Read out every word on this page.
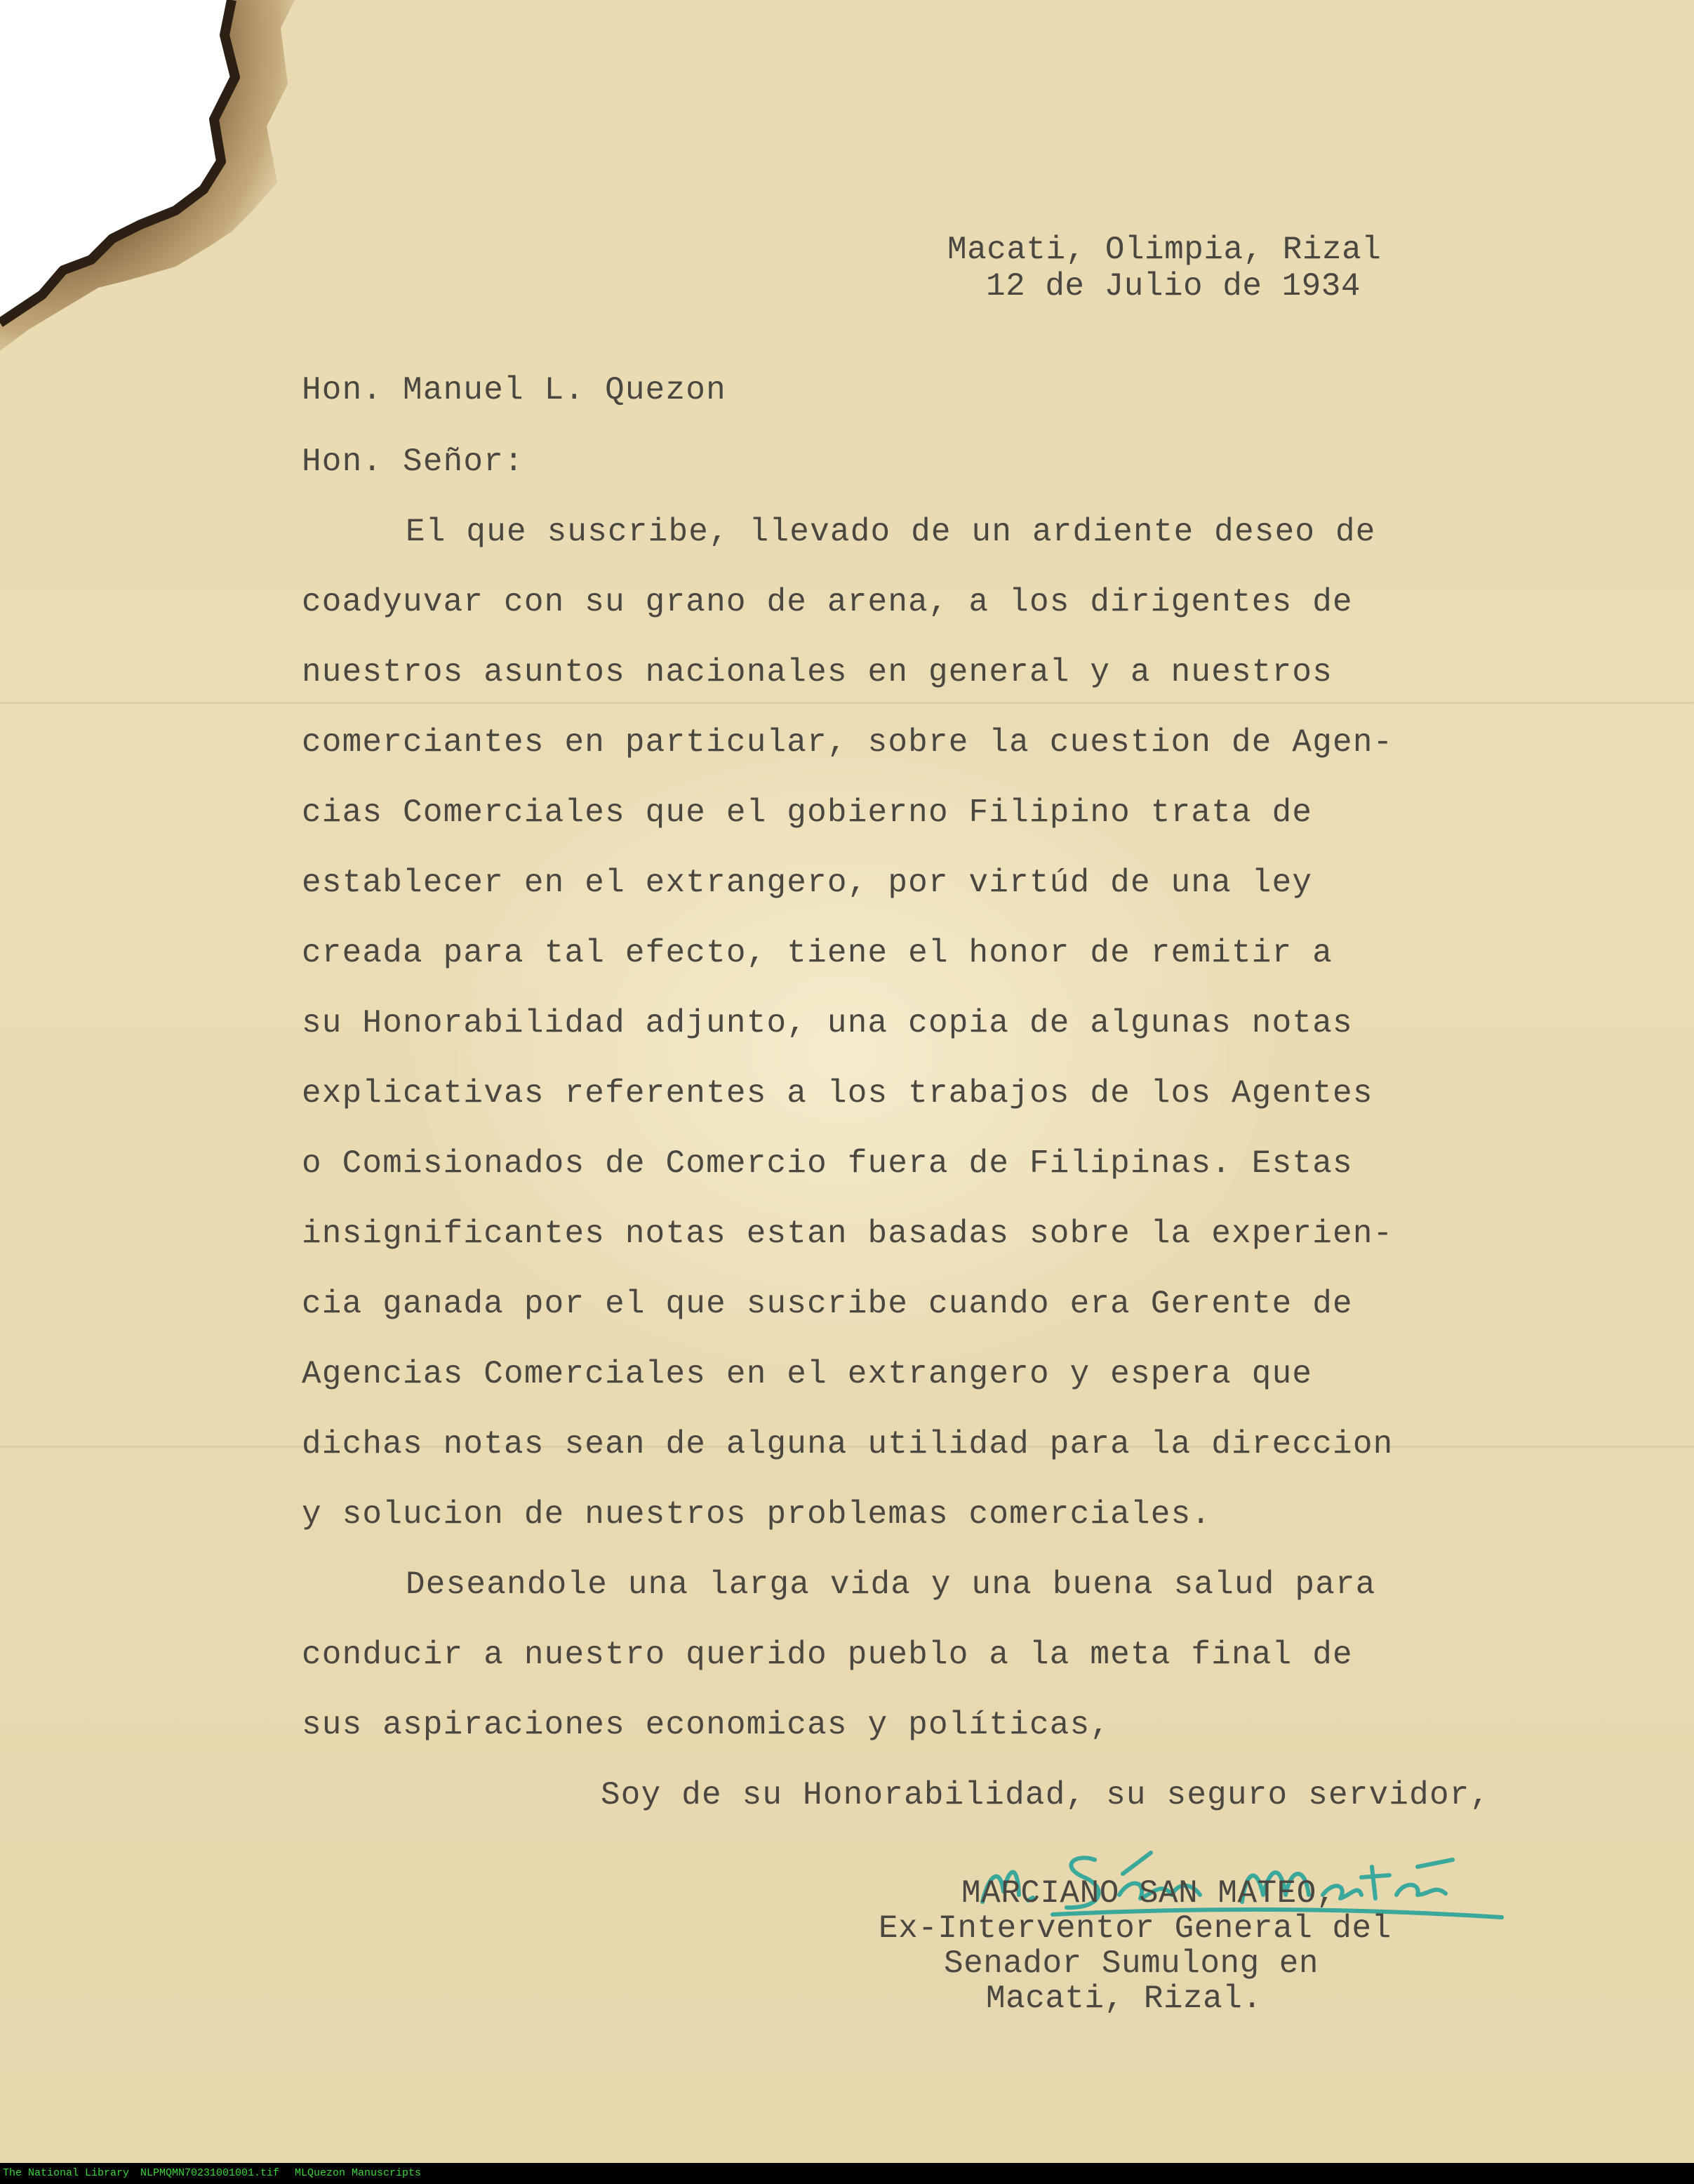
Macati, Olimpia, Rizal
12 de Julio de 1934
Hon. Manuel L. Quezon
Hon. Señor:
El que suscribe, llevado de un ardiente deseo de
coadyuvar con su grano de arena, a los dirigentes de
nuestros asuntos nacionales en general y a nuestros
comerciantes en particular, sobre la cuestion de Agen-
cias Comerciales que el gobierno Filipino trata de
establecer en el extrangero, por virtúd de una ley
creada para tal efecto, tiene el honor de remitir a
su Honorabilidad adjunto, una copia de algunas notas
explicativas referentes a los trabajos de los Agentes
o Comisionados de Comercio fuera de Filipinas. Estas
insignificantes notas estan basadas sobre la experien-
cia ganada por el que suscribe cuando era Gerente de
Agencias Comerciales en el extrangero y espera que
dichas notas sean de alguna utilidad para la direccion
y solucion de nuestros problemas comerciales.
Deseandole una larga vida y una buena salud para
conducir a nuestro querido pueblo a la meta final de
sus aspiraciones economicas y políticas,
Soy de su Honorabilidad, su seguro servidor,
MARCIANO SAN MATEO,
Ex-Interventor General del
Senador Sumulong en
Macati, Rizal.
The National Library NLPMQMN70231001001.tif MLQuezon Manuscripts
